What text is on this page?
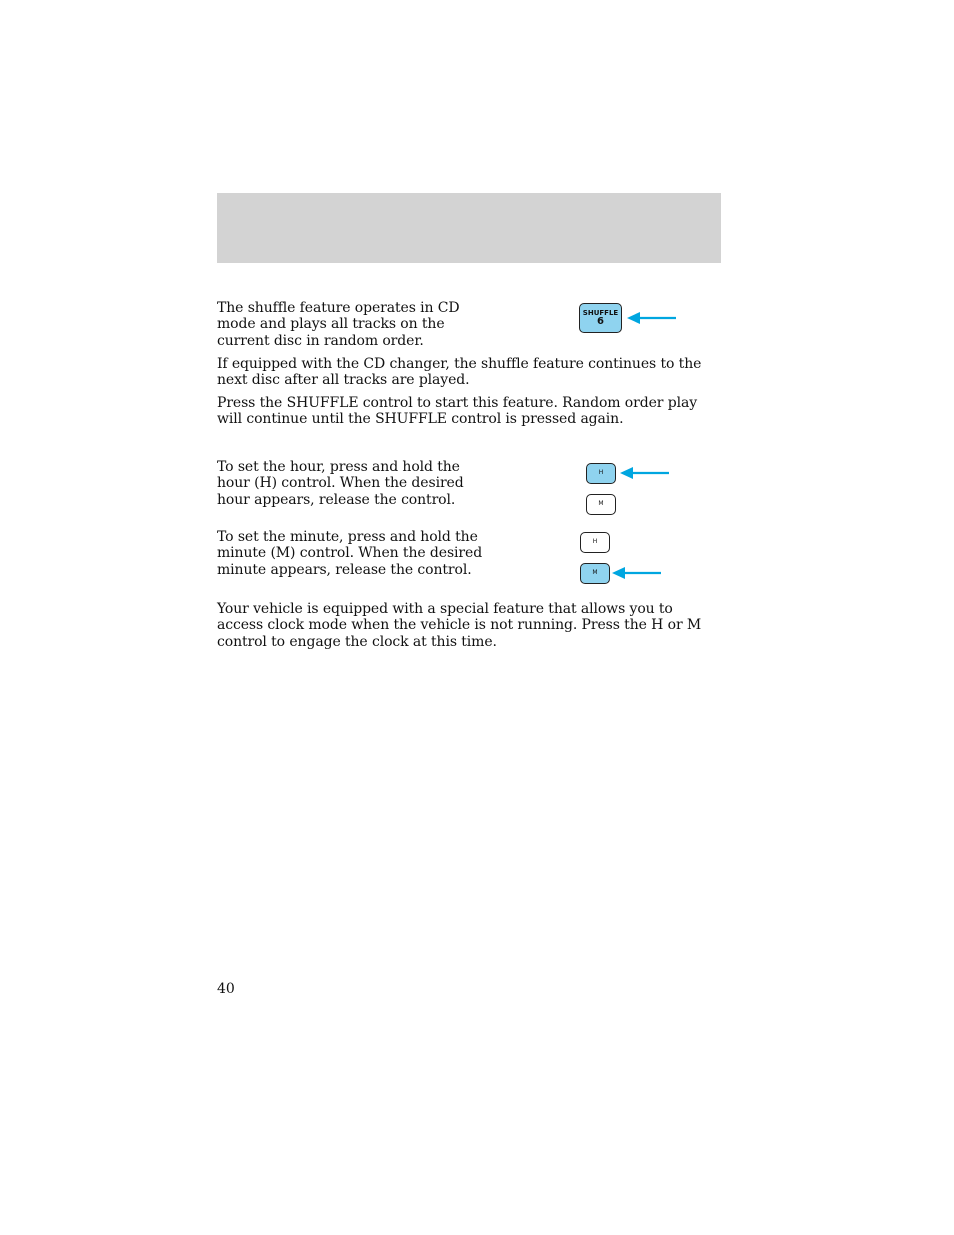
The shuffle feature operates in CD mode and plays all tracks on the current disc in random order.

SHUFFLE
6

If equipped with the CD changer, the shuffle feature continues to the next disc after all tracks are played.

Press the SHUFFLE control to start this feature. Random order play will continue until the SHUFFLE control is pressed again.

To set the hour, press and hold the hour (H) control. When the desired hour appears, release the control.

H
M

To set the minute, press and hold the minute (M) control. When the desired minute appears, release the control.

H
M

Your vehicle is equipped with a special feature that allows you to access clock mode when the vehicle is not running. Press the H or M control to engage the clock at this time.

40
